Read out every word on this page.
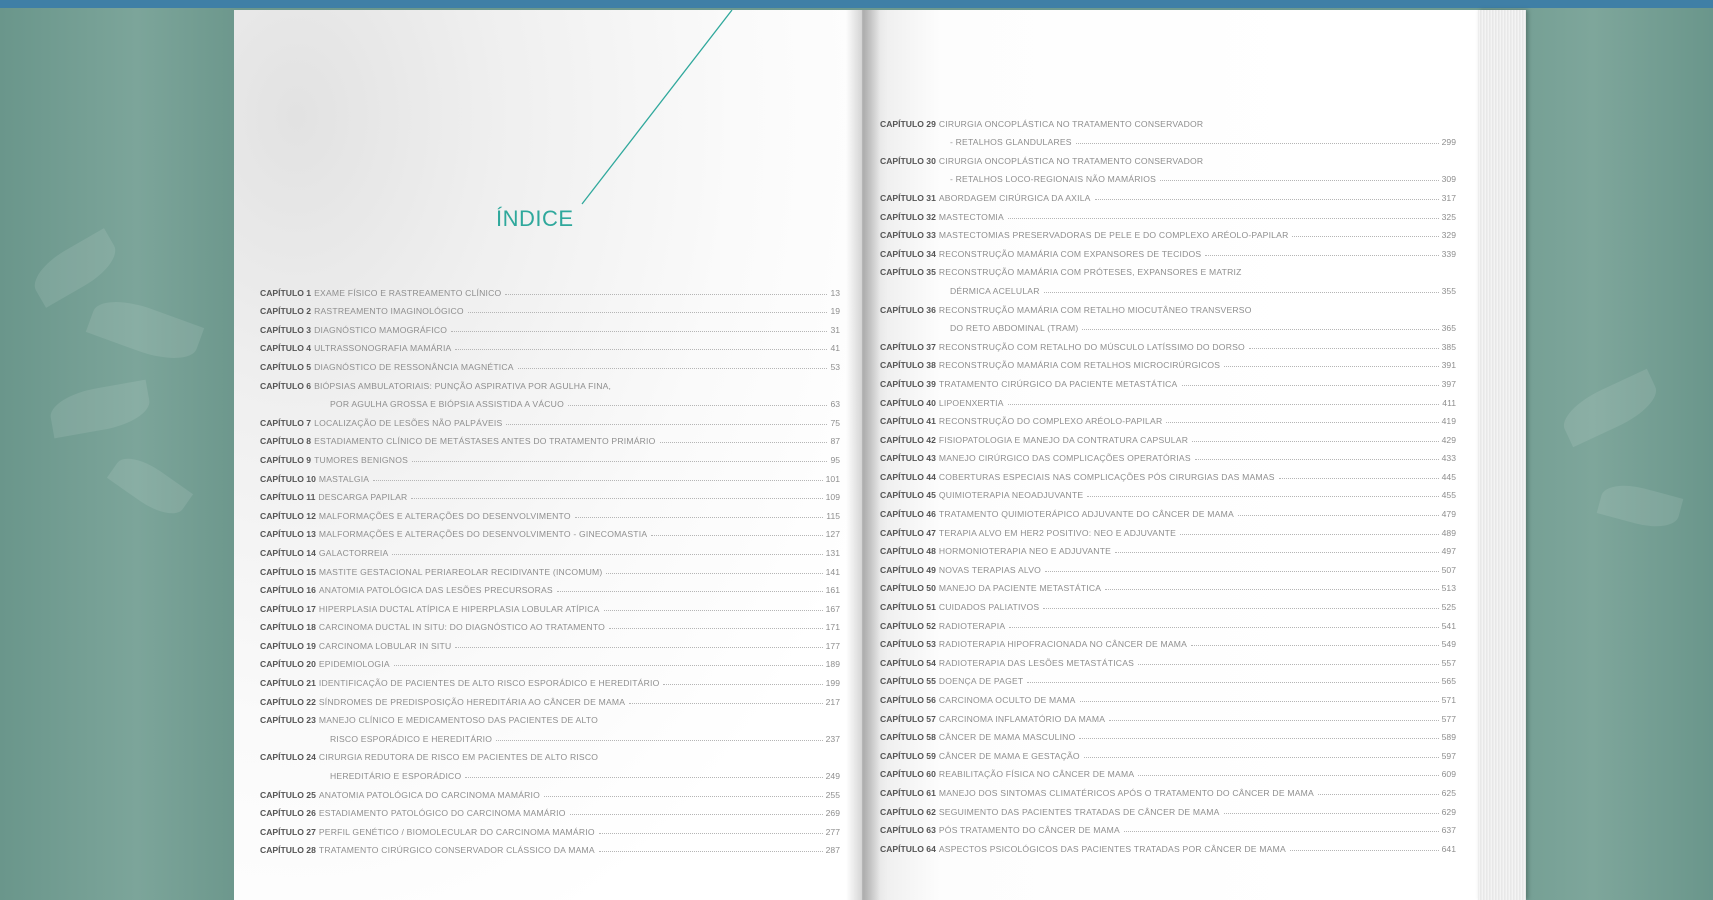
ÍNDICE
CAPÍTULO 1 EXAME FÍSICO E RASTREAMENTO CLÍNICO	13
CAPÍTULO 2 RASTREAMENTO IMAGINOLÓGICO	19
CAPÍTULO 3 DIAGNÓSTICO MAMOGRÁFICO	31
CAPÍTULO 4 ULTRASSONOGRAFIA MAMÁRIA	41
CAPÍTULO 5 DIAGNÓSTICO DE RESSONÂNCIA MAGNÉTICA	53
CAPÍTULO 6 BIÓPSIAS AMBULATORIAIS: PUNÇÃO ASPIRATIVA POR AGULHA FINA,
POR AGULHA GROSSA E BIÓPSIA ASSISTIDA A VÁCUO	63
CAPÍTULO 7 LOCALIZAÇÃO DE LESÕES NÃO PALPÁVEIS	75
CAPÍTULO 8 ESTADIAMENTO CLÍNICO DE METÁSTASES ANTES DO TRATAMENTO PRIMÁRIO	87
CAPÍTULO 9 TUMORES BENIGNOS	95
CAPÍTULO 10 MASTALGIA	101
CAPÍTULO 11 DESCARGA PAPILAR	109
CAPÍTULO 12 MALFORMAÇÕES E ALTERAÇÕES DO DESENVOLVIMENTO	115
CAPÍTULO 13 MALFORMAÇÕES E ALTERAÇÕES DO DESENVOLVIMENTO - GINECOMASTIA	127
CAPÍTULO 14 GALACTORREIA	131
CAPÍTULO 15 MASTITE GESTACIONAL PERIAREOLAR RECIDIVANTE (INCOMUM)	141
CAPÍTULO 16 ANATOMIA PATOLÓGICA DAS LESÕES PRECURSORAS	161
CAPÍTULO 17 HIPERPLASIA DUCTAL ATÍPICA E HIPERPLASIA LOBULAR ATÍPICA	167
CAPÍTULO 18 CARCINOMA DUCTAL IN SITU: DO DIAGNÓSTICO AO TRATAMENTO	171
CAPÍTULO 19 CARCINOMA LOBULAR IN SITU	177
CAPÍTULO 20 EPIDEMIOLOGIA	189
CAPÍTULO 21 IDENTIFICAÇÃO DE PACIENTES DE ALTO RISCO ESPORÁDICO E HEREDITÁRIO	199
CAPÍTULO 22 SÍNDROMES DE PREDISPOSIÇÃO HEREDITÁRIA AO CÂNCER DE MAMA	217
CAPÍTULO 23 MANEJO CLÍNICO E MEDICAMENTOSO DAS PACIENTES DE ALTO
RISCO ESPORÁDICO E HEREDITÁRIO	237
CAPÍTULO 24 CIRURGIA REDUTORA DE RISCO EM PACIENTES DE ALTO RISCO
HEREDITÁRIO E ESPORÁDICO	249
CAPÍTULO 25 ANATOMIA PATOLÓGICA DO CARCINOMA MAMÁRIO	255
CAPÍTULO 26 ESTADIAMENTO PATOLÓGICO DO CARCINOMA MAMÁRIO	269
CAPÍTULO 27 PERFIL GENÉTICO / BIOMOLECULAR DO CARCINOMA MAMÁRIO	277
CAPÍTULO 28 TRATAMENTO CIRÚRGICO CONSERVADOR CLÁSSICO DA MAMA	287
CAPÍTULO 29 CIRURGIA ONCOPLÁSTICA NO TRATAMENTO CONSERVADOR
- RETALHOS GLANDULARES	299
CAPÍTULO 30 CIRURGIA ONCOPLÁSTICA NO TRATAMENTO CONSERVADOR
- RETALHOS LOCO-REGIONAIS NÃO MAMÁRIOS	309
CAPÍTULO 31 ABORDAGEM CIRÚRGICA DA AXILA	317
CAPÍTULO 32 MASTECTOMIA	325
CAPÍTULO 33 MASTECTOMIAS PRESERVADORAS DE PELE E DO COMPLEXO ARÉOLO-PAPILAR	329
CAPÍTULO 34 RECONSTRUÇÃO MAMÁRIA COM EXPANSORES DE TECIDOS	339
CAPÍTULO 35 RECONSTRUÇÃO MAMÁRIA COM PRÓTESES, EXPANSORES E MATRIZ
DÉRMICA ACELULAR	355
CAPÍTULO 36 RECONSTRUÇÃO MAMÁRIA COM RETALHO MIOCUTÂNEO TRANSVERSO
DO RETO ABDOMINAL (TRAM)	365
CAPÍTULO 37 RECONSTRUÇÃO COM RETALHO DO MÚSCULO LATÍSSIMO DO DORSO	385
CAPÍTULO 38 RECONSTRUÇÃO MAMÁRIA COM RETALHOS MICROCIRÚRGICOS	391
CAPÍTULO 39 TRATAMENTO CIRÚRGICO DA PACIENTE METASTÁTICA	397
CAPÍTULO 40 LIPOENXERTIA	411
CAPÍTULO 41 RECONSTRUÇÃO DO COMPLEXO ARÉOLO-PAPILAR	419
CAPÍTULO 42 FISIOPATOLOGIA E MANEJO DA CONTRATURA CAPSULAR	429
CAPÍTULO 43 MANEJO CIRÚRGICO DAS COMPLICAÇÕES OPERATÓRIAS	433
CAPÍTULO 44 COBERTURAS ESPECIAIS NAS COMPLICAÇÕES PÓS CIRURGIAS DAS MAMAS	445
CAPÍTULO 45 QUIMIOTERAPIA NEOADJUVANTE	455
CAPÍTULO 46 TRATAMENTO QUIMIOTERÁPICO ADJUVANTE DO CÂNCER DE MAMA	479
CAPÍTULO 47 TERAPIA ALVO EM HER2 POSITIVO: NEO E ADJUVANTE	489
CAPÍTULO 48 HORMONIOTERAPIA NEO E ADJUVANTE	497
CAPÍTULO 49 NOVAS TERAPIAS ALVO	507
CAPÍTULO 50 MANEJO DA PACIENTE METASTÁTICA	513
CAPÍTULO 51 CUIDADOS PALIATIVOS	525
CAPÍTULO 52 RADIOTERAPIA	541
CAPÍTULO 53 RADIOTERAPIA HIPOFRACIONADA NO CÂNCER DE MAMA	549
CAPÍTULO 54 RADIOTERAPIA DAS LESÕES METASTÁTICAS	557
CAPÍTULO 55 DOENÇA DE PAGET	565
CAPÍTULO 56 CARCINOMA OCULTO DE MAMA	571
CAPÍTULO 57 CARCINOMA INFLAMATÓRIO DA MAMA	577
CAPÍTULO 58 CÂNCER DE MAMA MASCULINO	589
CAPÍTULO 59 CÂNCER DE MAMA E GESTAÇÃO	597
CAPÍTULO 60 REABILITAÇÃO FÍSICA NO CÂNCER DE MAMA	609
CAPÍTULO 61 MANEJO DOS SINTOMAS CLIMATÉRICOS APÓS O TRATAMENTO DO CÂNCER DE MAMA	625
CAPÍTULO 62 SEGUIMENTO DAS PACIENTES TRATADAS DE CÂNCER DE MAMA	629
CAPÍTULO 63 PÓS TRATAMENTO DO CÂNCER DE MAMA	637
CAPÍTULO 64 ASPECTOS PSICOLÓGICOS DAS PACIENTES TRATADAS POR CÂNCER DE MAMA	641
